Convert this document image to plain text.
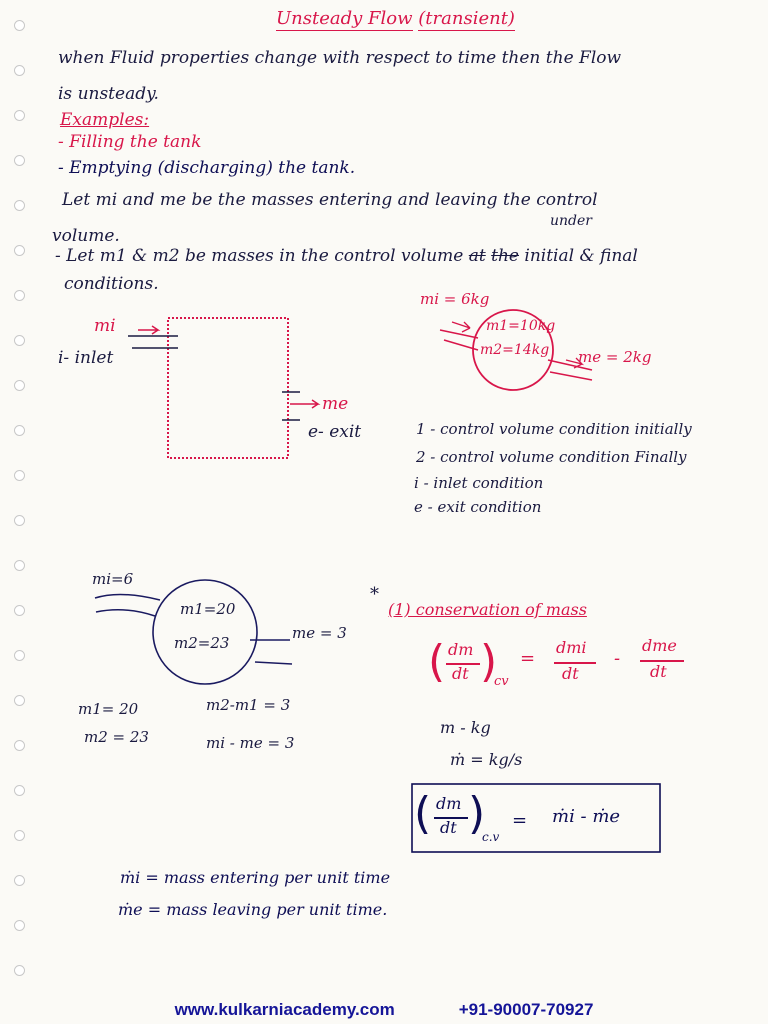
Unsteady Flow (transient)
when Fluid properties change with respect to time then the Flow
is unsteady.
Examples:
- Filling the tank
- Emptying (discharging) the tank.
Let mi and me be the masses entering and leaving the control
volume.
under
- Let m1 & m2 be masses in the control volume at the initial & final
conditions.
mi
i- inlet
me
e- exit
mi = 6kg
m1=10kg
m2=14kg me = 2kg
1 - control volume condition initially
2 - control volume condition Finally
i - inlet condition
e - exit condition
mi=6
m1=20
m2=23
me = 3
*
m1= 20
m2 = 23
m2-m1 = 3
mi - me = 3
(1) conservation of mass
( dm
dt )
cv
=
dmi
dt
-
dme
dt
m - kg
ṁ = kg/s
( dm
dt )
c.v
= ṁi - ṁe
ṁi = mass entering per unit time
ṁe = mass leaving per unit time.
www.kulkarniacademy.com	+91-90007-70927
